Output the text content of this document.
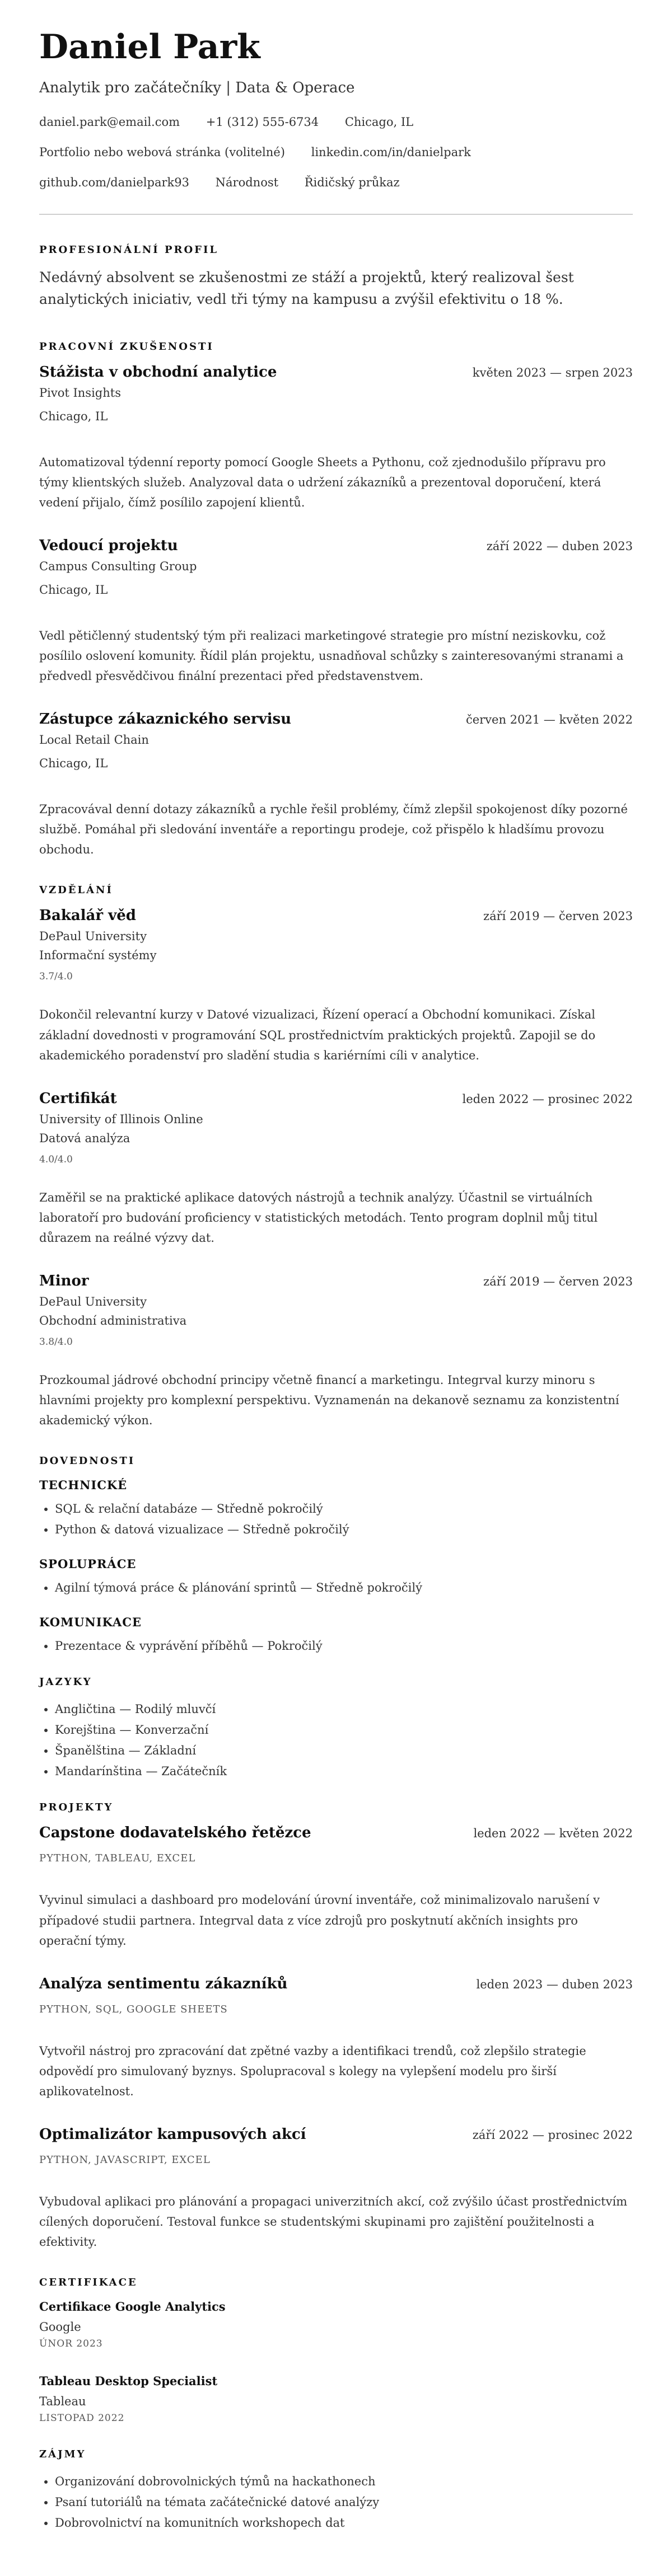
Daniel Park
Analytik pro začátečníky | Data & Operace
daniel.park@email.com +1 (312) 555-6734 Chicago, IL
Portfolio nebo webová stránka (volitelné) linkedin.com/in/danielpark
github.com/danielpark93 Národnost Řidičský průkaz
PROFESIONÁLNÍ PROFIL
Nedávný absolvent se zkušenostmi ze stáží a projektů, který realizoval šest analytických iniciativ, vedl tři týmy na kampusu a zvýšil efektivitu o 18 %.
PRACOVNÍ ZKUŠENOSTI
Stážista v obchodní analytice	květen 2023 — srpen 2023
Pivot Insights
Chicago, IL
Automatizoval týdenní reporty pomocí Google Sheets a Pythonu, což zjednodušilo přípravu pro týmy klientských služeb. Analyzoval data o udržení zákazníků a prezentoval doporučení, která vedení přijalo, čímž posílilo zapojení klientů.
Vedoucí projektu	září 2022 — duben 2023
Campus Consulting Group
Chicago, IL
Vedl pětičlenný studentský tým při realizaci marketingové strategie pro místní neziskovku, což posílilo oslovení komunity. Řídil plán projektu, usnadňoval schůzky s zainteresovanými stranami a předvedl přesvědčivou finální prezentaci před představenstvem.
Zástupce zákaznického servisu	červen 2021 — květen 2022
Local Retail Chain
Chicago, IL
Zpracovával denní dotazy zákazníků a rychle řešil problémy, čímž zlepšil spokojenost díky pozorné službě. Pomáhal při sledování inventáře a reportingu prodeje, což přispělo k hladšímu provozu obchodu.
VZDĚLÁNÍ
Bakalář věd	září 2019 — červen 2023
DePaul University
Informační systémy
3.7/4.0
Dokončil relevantní kurzy v Datové vizualizaci, Řízení operací a Obchodní komunikaci. Získal základní dovednosti v programování SQL prostřednictvím praktických projektů. Zapojil se do akademického poradenství pro sladění studia s kariérními cíli v analytice.
Certifikát	leden 2022 — prosinec 2022
University of Illinois Online
Datová analýza
4.0/4.0
Zaměřil se na praktické aplikace datových nástrojů a technik analýzy. Účastnil se virtuálních laboratoří pro budování proficiency v statistických metodách. Tento program doplnil můj titul důrazem na reálné výzvy dat.
Minor	září 2019 — červen 2023
DePaul University
Obchodní administrativa
3.8/4.0
Prozkoumal jádrové obchodní principy včetně financí a marketingu. Integrval kurzy minoru s hlavními projekty pro komplexní perspektivu. Vyznamenán na dekanově seznamu za konzistentní akademický výkon.
DOVEDNOSTI
TECHNICKÉ
• SQL & relační databáze — Středně pokročilý
• Python & datová vizualizace — Středně pokročilý
SPOLUPRÁCE
• Agilní týmová práce & plánování sprintů — Středně pokročilý
KOMUNIKACE
• Prezentace & vyprávění příběhů — Pokročilý
JAZYKY
• Angličtina — Rodilý mluvčí
• Korejština — Konverzační
• Španělština — Základní
• Mandarínština — Začátečník
PROJEKTY
Capstone dodavatelského řetězce	leden 2022 — květen 2022
PYTHON, TABLEAU, EXCEL
Vyvinul simulaci a dashboard pro modelování úrovní inventáře, což minimalizovalo narušení v případové studii partnera. Integrval data z více zdrojů pro poskytnutí akčních insights pro operační týmy.
Analýza sentimentu zákazníků	leden 2023 — duben 2023
PYTHON, SQL, GOOGLE SHEETS
Vytvořil nástroj pro zpracování dat zpětné vazby a identifikaci trendů, což zlepšilo strategie odpovědí pro simulovaný byznys. Spolupracoval s kolegy na vylepšení modelu pro širší aplikovatelnost.
Optimalizátor kampusových akcí	září 2022 — prosinec 2022
PYTHON, JAVASCRIPT, EXCEL
Vybudoval aplikaci pro plánování a propagaci univerzitních akcí, což zvýšilo účast prostřednictvím cílených doporučení. Testoval funkce se studentskými skupinami pro zajištění použitelnosti a efektivity.
CERTIFIKACE
Certifikace Google Analytics
Google
ÚNOR 2023
Tableau Desktop Specialist
Tableau
LISTOPAD 2022
ZÁJMY
• Organizování dobrovolnických týmů na hackathonech
• Psaní tutoriálů na témata začátečnické datové analýzy
• Dobrovolnictví na komunitních workshopech dat
